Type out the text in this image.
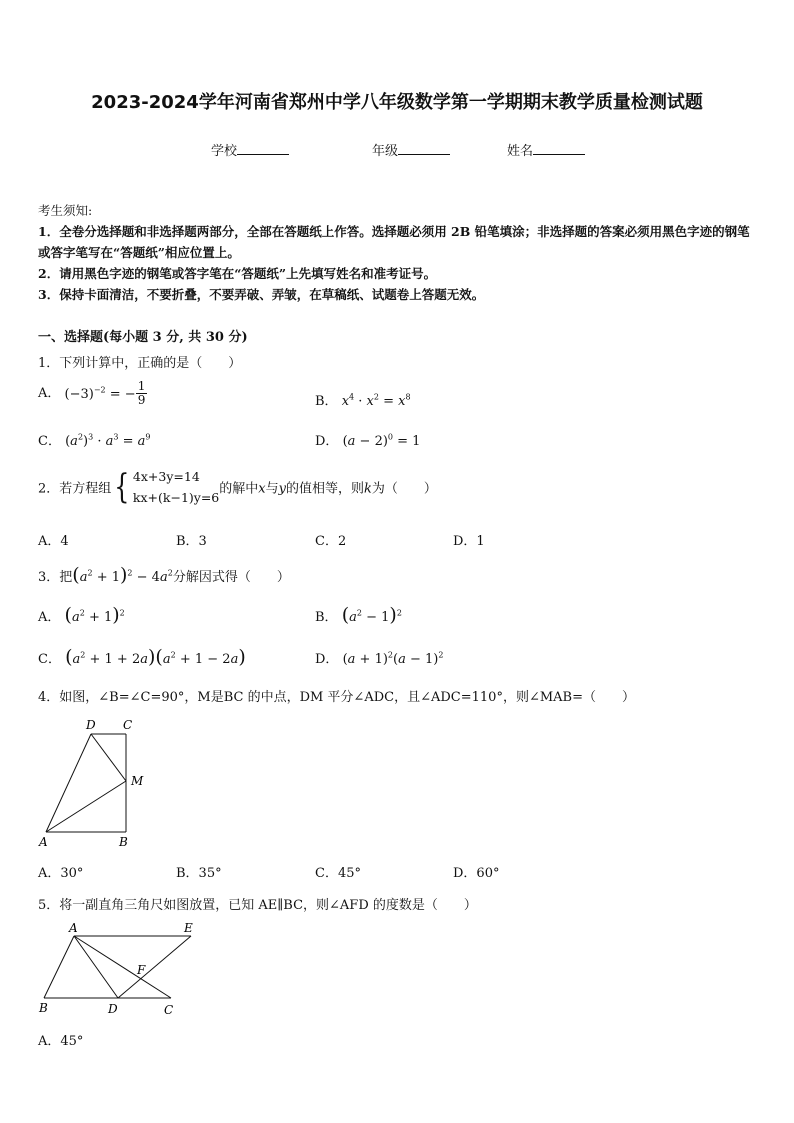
2023-2024学年河南省郑州中学八年级数学第一学期期末教学质量检测试题
学校	年级	姓名
考生须知:
1．全卷分选择题和非选择题两部分，全部在答题纸上作答。选择题必须用 2B 铅笔填涂；非选择题的答案必须用黑色字迹的钢笔或答字笔写在“答题纸”相应位置上。
2．请用黑色字迹的钢笔或答字笔在“答题纸”上先填写姓名和准考证号。
3．保持卡面清洁，不要折叠，不要弄破、弄皱，在草稿纸、试题卷上答题无效。
一、选择题(每小题 3 分, 共 30 分)
1．下列计算中，正确的是（　　）
A． $(-3)^{-2}$ = − $\frac{1}{9}$	B． $x^4 \cdot x^2 = x^8$
C． $(a^2)^3 \cdot a^3 = a^9$	D． $(a - 2)^0 = 1$
2．若方程组{ 4x+3y=14
kx+(k−1)y=6
的解中x与y的值相等，则k为（　　）
A．4	B．3	C．2	D．1
3．把$(a^2 + 1)^2 - 4a^2$分解因式得（　　）
A． $(a^2 + 1)^2$	B． $(a^2 - 1)^2$
C． $(a^2 + 1 + 2a)(a^2 + 1 - 2a)$	D． $(a + 1)^2(a - 1)^2$
4．如图，∠B=∠C=90°，M是BC 的中点，DM 平分∠ADC，且∠ADC=110°，则∠MAB=（　　）
D C
M
A	B
A．30°	B．35°	C．45°	D．60°
5．将一副直角三角尺如图放置，已知 AE∥BC，则∠AFD 的度数是（　　）
A	E
F
B	D	C
A．45°
